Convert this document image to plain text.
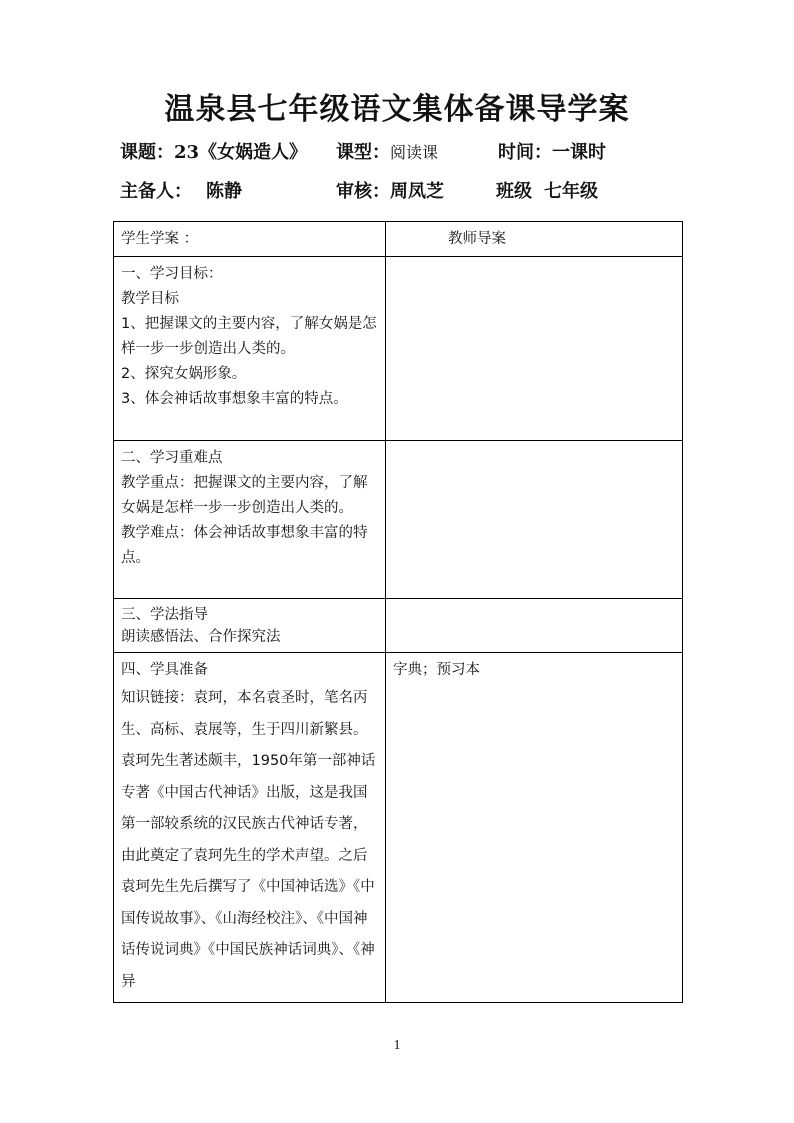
温泉县七年级语文集体备课导学案
课题： 23《女娲造人》 课型： 阅读课	时间： 一课时
主备人： 陈静	审核： 周凤芝	班级 七年级
学生学案 ：	教师导案

一、学习目标：
教学目标
1、把握课文的主要内容，了解女娲是怎样一步一步创造出人类的。
2、探究女娲形象。
3、体会神话故事想象丰富的特点。	

二、学习重难点
教学重点：把握课文的主要内容，了解女娲是怎样一步一步创造出人类的。
教学难点：体会神话故事想象丰富的特点。	

三、学法指导
朗读感悟法、合作探究法	

四、学具准备
知识链接：袁珂，本名袁圣时，笔名丙生、高标、袁展等，生于四川新繁县。袁珂先生著述颇丰，1950年第一部神话专著《中国古代神话》出版，这是我国第一部较系统的汉民族古代神话专著，由此奠定了袁珂先生的学术声望。之后袁珂先生先后撰写了《中国神话选》《中国传说故事》、《山海经校注》、《中国神话传说词典》《中国民族神话词典》、《神异	字典；预习本
1
